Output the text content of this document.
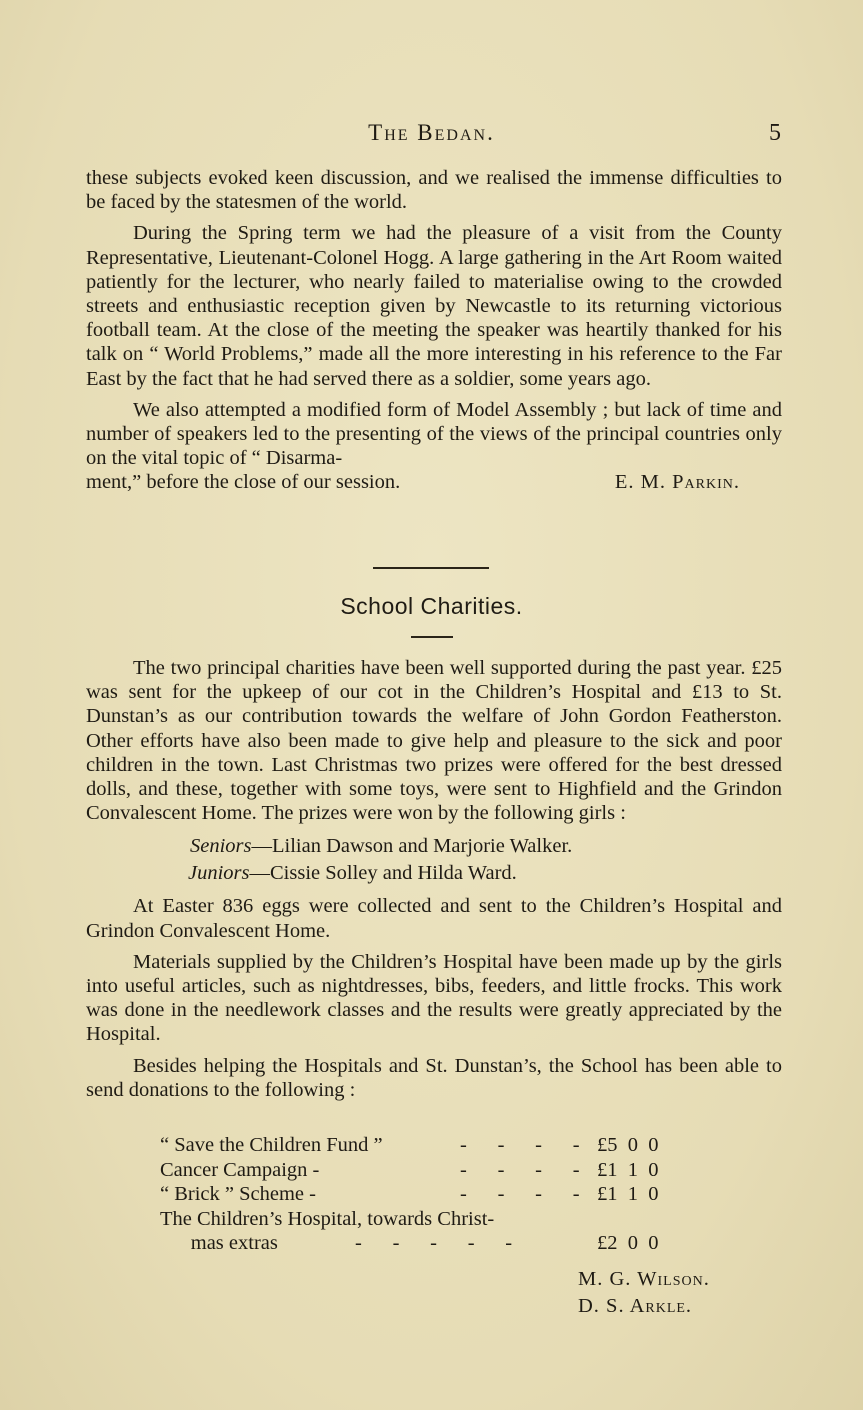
The Bedan.	5

these subjects evoked keen discussion, and we realised the immense difficulties to be faced by the statesmen of the world.

During the Spring term we had the pleasure of a visit from the County Representative, Lieutenant-Colonel Hogg. A large gathering in the Art Room waited patiently for the lecturer, who nearly failed to materialise owing to the crowded streets and enthusiastic reception given by Newcastle to its returning victorious football team. At the close of the meeting the speaker was heartily thanked for his talk on “ World Problems,” made all the more interesting in his reference to the Far East by the fact that he had served there as a soldier, some years ago.

We also attempted a modified form of Model Assembly ; but lack of time and number of speakers led to the presenting of the views of the principal countries only on the vital topic of “ Disarma-

ment,” before the close of our session.	E. M. Parkin.
School Charities.

The two principal charities have been well supported during the past year. £25 was sent for the upkeep of our cot in the Children’s Hospital and £13 to St. Dunstan’s as our contribution towards the welfare of John Gordon Featherston. Other efforts have also been made to give help and pleasure to the sick and poor children in the town. Last Christmas two prizes were offered for the best dressed dolls, and these, together with some toys, were sent to Highfield and the Grindon Convalescent Home. The prizes were won by the following girls :

Seniors—Lilian Dawson and Marjorie Walker.
Juniors—Cissie Solley and Hilda Ward.

At Easter 836 eggs were collected and sent to the Children’s Hospital and Grindon Convalescent Home.

Materials supplied by the Children’s Hospital have been made up by the girls into useful articles, such as nightdresses, bibs, feeders, and little frocks. This work was done in the needlework classes and the results were greatly appreciated by the Hospital.

Besides helping the Hospitals and St. Dunstan’s, the School has been able to send donations to the following :

“ Save the Children Fund ”	-      -      -      - £5  0  0
Cancer Campaign -	-      -      -      - £1  1  0
“ Brick ” Scheme -	-      -      -      - £1  1  0
The Children’s Hospital, towards Christ-
mas extras	-      -      -      -      -	£2  0  0
M. G. Wilson.
D. S. Arkle.
